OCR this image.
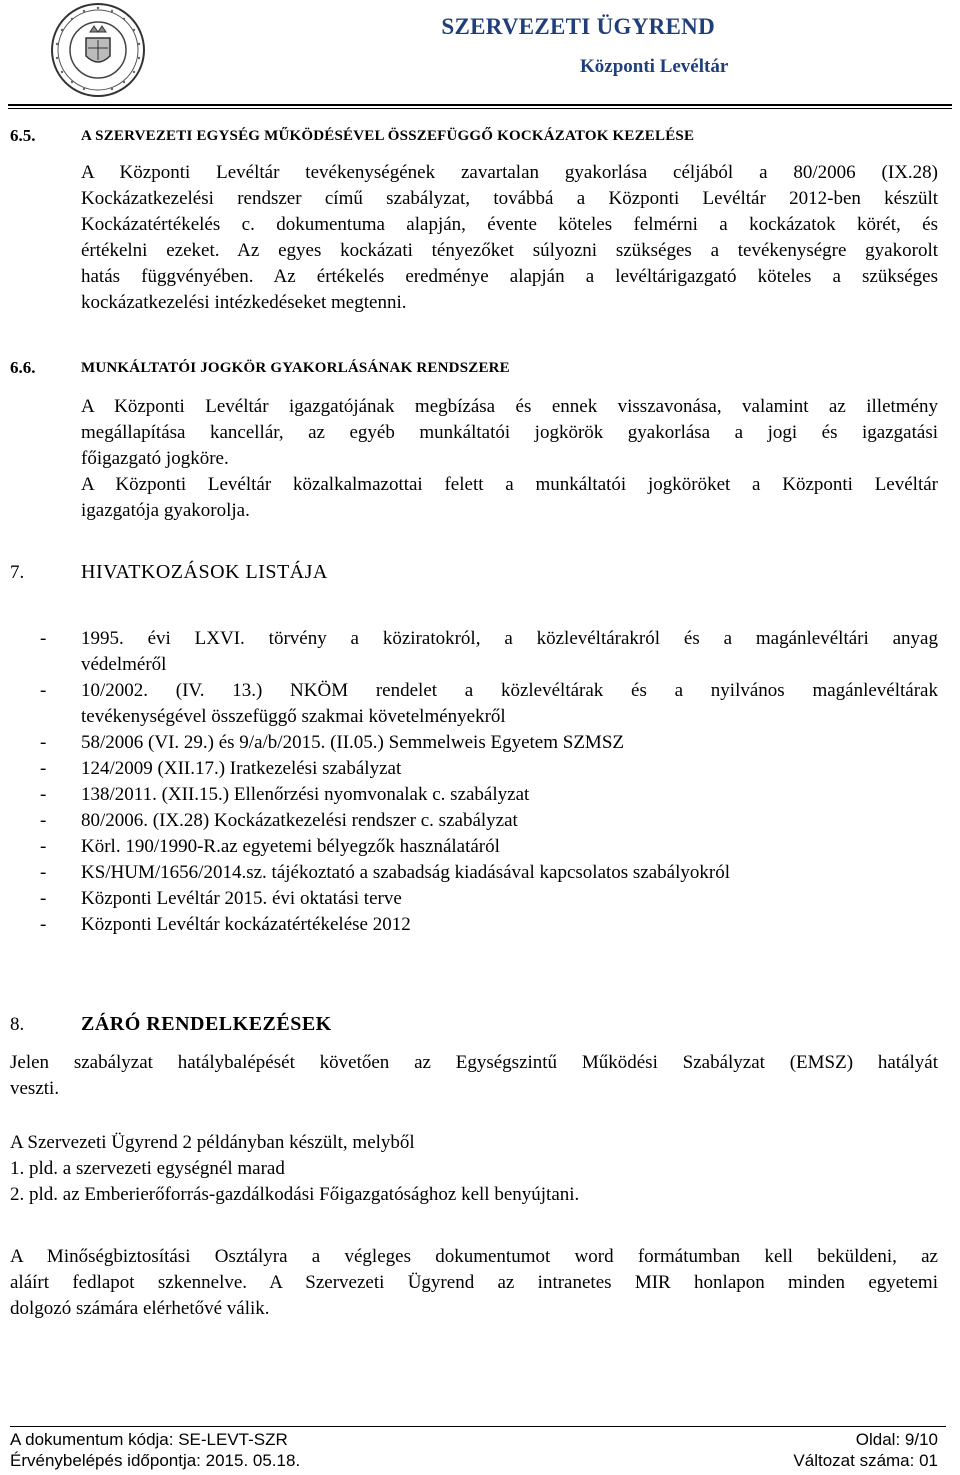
SZERVEZETI ÜGYREND
Központi Levéltár
6.5.	A SZERVEZETI EGYSÉG MŰKÖDÉSÉVEL ÖSSZEFÜGGŐ KOCKÁZATOK KEZELÉSE

A Központi Levéltár tevékenységének zavartalan gyakorlása céljából a 80/2006 (IX.28)

Kockázatkezelési rendszer című szabályzat, továbbá a Központi Levéltár 2012-ben készült

Kockázatértékelés c. dokumentuma alapján, évente köteles felmérni a kockázatok körét, és

értékelni ezeket. Az egyes kockázati tényezőket súlyozni szükséges a tevékenységre gyakorolt

hatás függvényében. Az értékelés eredménye alapján a levéltárigazgató köteles a szükséges

kockázatkezelési intézkedéseket megtenni.

6.6.	MUNKÁLTATÓI JOGKÖR GYAKORLÁSÁNAK RENDSZERE

A Központi Levéltár igazgatójának megbízása és ennek visszavonása, valamint az illetmény

megállapítása kancellár, az egyéb munkáltatói jogkörök gyakorlása a jogi és igazgatási

főigazgató jogköre.

A Központi Levéltár közalkalmazottai felett a munkáltatói jogköröket a Központi Levéltár

igazgatója gyakorolja.

7.	HIVATKOZÁSOK LISTÁJA
- 1995. évi LXVI. törvény a köziratokról, a közlevéltárakról és a magánlevéltári anyag
védelméről
- 10/2002. (IV. 13.) NKÖM rendelet a közlevéltárak és a nyilvános magánlevéltárak
tevékenységével összefüggő szakmai követelményekről
- 58/2006 (VI. 29.) és 9/a/b/2015. (II.05.) Semmelweis Egyetem SZMSZ
- 124/2009 (XII.17.) Iratkezelési szabályzat
- 138/2011. (XII.15.) Ellenőrzési nyomvonalak c. szabályzat
- 80/2006. (IX.28) Kockázatkezelési rendszer c. szabályzat
- Körl. 190/1990-R.az egyetemi bélyegzők használatáról
- KS/HUM/1656/2014.sz. tájékoztató a szabadság kiadásával kapcsolatos szabályokról
- Központi Levéltár 2015. évi oktatási terve
- Központi Levéltár kockázatértékelése 2012
8.	ZÁRÓ RENDELKEZÉSEK

Jelen szabályzat hatálybalépését követően az Egységszintű Működési Szabályzat (EMSZ) hatályát

veszti.

A Szervezeti Ügyrend 2 példányban készült, melyből

1. pld. a szervezeti egységnél marad

2. pld. az Emberierőforrás-gazdálkodási Főigazgatósághoz kell benyújtani.

A Minőségbiztosítási Osztályra a végleges dokumentumot word formátumban kell beküldeni, az

aláírt fedlapot szkennelve. A Szervezeti Ügyrend az intranetes MIR honlapon minden egyetemi

dolgozó számára elérhetővé válik.

A dokumentum kódja: SE-LEVT-SZR	Oldal: 9/10
Érvénybelépés időpontja: 2015. 05.18.	Változat száma: 01
